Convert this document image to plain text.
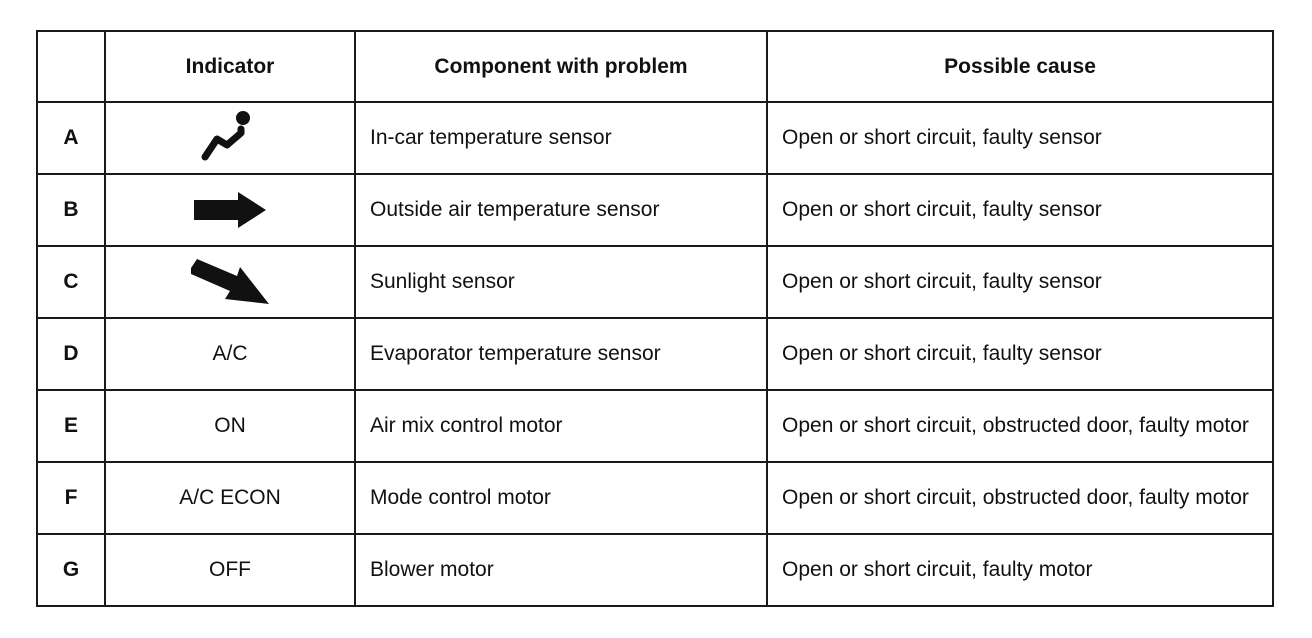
	Indicator	Component with problem	Possible cause
A		In-car temperature sensor	Open or short circuit, faulty sensor
B		Outside air temperature sensor	Open or short circuit, faulty sensor
C		Sunlight sensor	Open or short circuit, faulty sensor
D	A/C	Evaporator temperature sensor	Open or short circuit, faulty sensor
E	ON	Air mix control motor	Open or short circuit, obstructed door, faulty motor
F	A/C ECON	Mode control motor	Open or short circuit, obstructed door, faulty motor
G	OFF	Blower motor	Open or short circuit, faulty motor
